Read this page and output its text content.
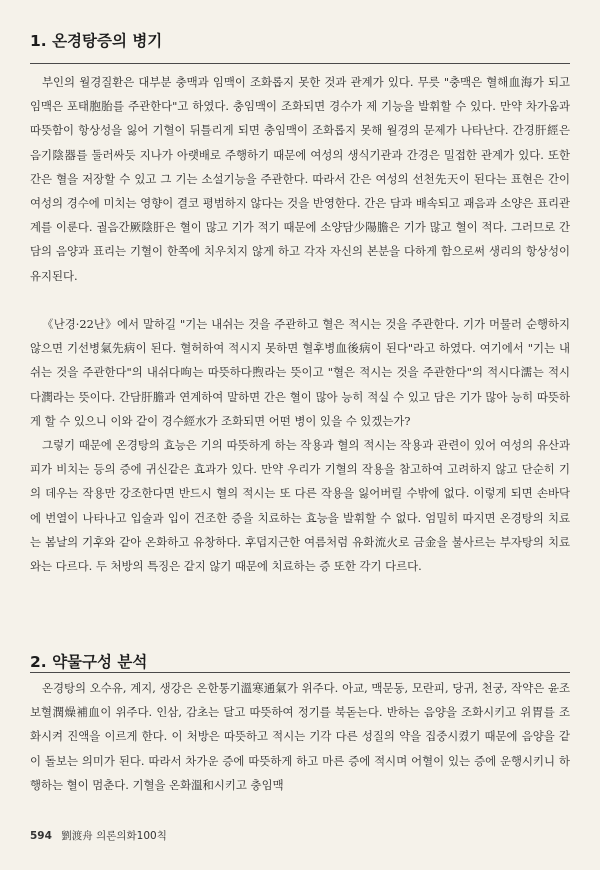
1. 온경탕증의 병기

부인의 월경질환은 대부분 충맥과 임맥이 조화롭지 못한 것과 관계가 있다. 무릇 "충맥은 혈해血海가 되고 임맥은 포태胞胎를 주관한다"고 하였다. 충임맥이 조화되면 경수가 제 기능을 발휘할 수 있다. 만약 차가움과 따뜻함이 항상성을 잃어 기혈이 뒤틀리게 되면 충임맥이 조화롭지 못해 월경의 문제가 나타난다. 간경肝經은 음기陰器를 둘러싸듯 지나가 아랫배로 주행하기 때문에 여성의 생식기관과 간경은 밀접한 관계가 있다. 또한 간은 혈을 저장할 수 있고 그 기는 소설기능을 주관한다. 따라서 간은 여성의 선천先天이 된다는 표현은 간이 여성의 경수에 미치는 영향이 결코 평범하지 않다는 것을 반영한다. 간은 담과 배속되고 괘음과 소양은 표리관계를 이룬다. 궐음간厥陰肝은 혈이 많고 기가 적기 때문에 소양담少陽膽은 기가 많고 혈이 적다. 그러므로 간담의 음양과 표리는 기혈이 한쪽에 치우치지 않게 하고 각자 자신의 본분을 다하게 함으로써 생리의 항상성이 유지된다.

《난경·22난》에서 말하길 "기는 내쉬는 것을 주관하고 혈은 적시는 것을 주관한다. 기가 머물러 순행하지 않으면 기선병氣先病이 된다. 혈허하여 적시지 못하면 혈후병血後病이 된다"라고 하였다. 여기에서 "기는 내쉬는 것을 주관한다"의 내쉬다呴는 따뜻하다煦라는 뜻이고 "혈은 적시는 것을 주관한다"의 적시다濡는 적시다潤라는 뜻이다. 간담肝膽과 연계하여 말하면 간은 혈이 많아 능히 적실 수 있고 담은 기가 많아 능히 따뜻하게 할 수 있으니 이와 같이 경수經水가 조화되면 어떤 병이 있을 수 있겠는가?

그렇기 때문에 온경탕의 효능은 기의 따뜻하게 하는 작용과 혈의 적시는 작용과 관련이 있어 여성의 유산과 피가 비치는 등의 증에 귀신같은 효과가 있다. 만약 우리가 기혈의 작용을 참고하여 고려하지 않고 단순히 기의 데우는 작용만 강조한다면 반드시 혈의 적시는 또 다른 작용을 잃어버릴 수밖에 없다. 이렇게 되면 손바닥에 번열이 나타나고 입술과 입이 건조한 증을 치료하는 효능을 발휘할 수 없다. 엄밀히 따지면 온경탕의 치료는 봄날의 기후와 같아 온화하고 유창하다. 후덥지근한 여름처럼 유화流火로 금金을 불사르는 부자탕의 치료와는 다르다. 두 처방의 특징은 같지 않기 때문에 치료하는 증 또한 각기 다르다.

2. 약물구성 분석

온경탕의 오수유, 계지, 생강은 온한통기溫寒通氣가 위주다. 아교, 맥문동, 모란피, 당귀, 천궁, 작약은 윤조보혈潤燥補血이 위주다. 인삼, 감초는 달고 따뜻하여 정기를 북돋는다. 반하는 음양을 조화시키고 위胃를 조화시켜 진액을 이르게 한다. 이 처방은 따뜻하고 적시는 기각 다른 성질의 약을 집중시켰기 때문에 음양을 같이 돌보는 의미가 된다. 따라서 차가운 증에 따뜻하게 하고 마른 증에 적시며 어혈이 있는 증에 운행시키니 하행하는 혈이 멈춘다. 기혈을 온화溫和시키고 충임맥

594 劉渡舟 의론의화100칙
